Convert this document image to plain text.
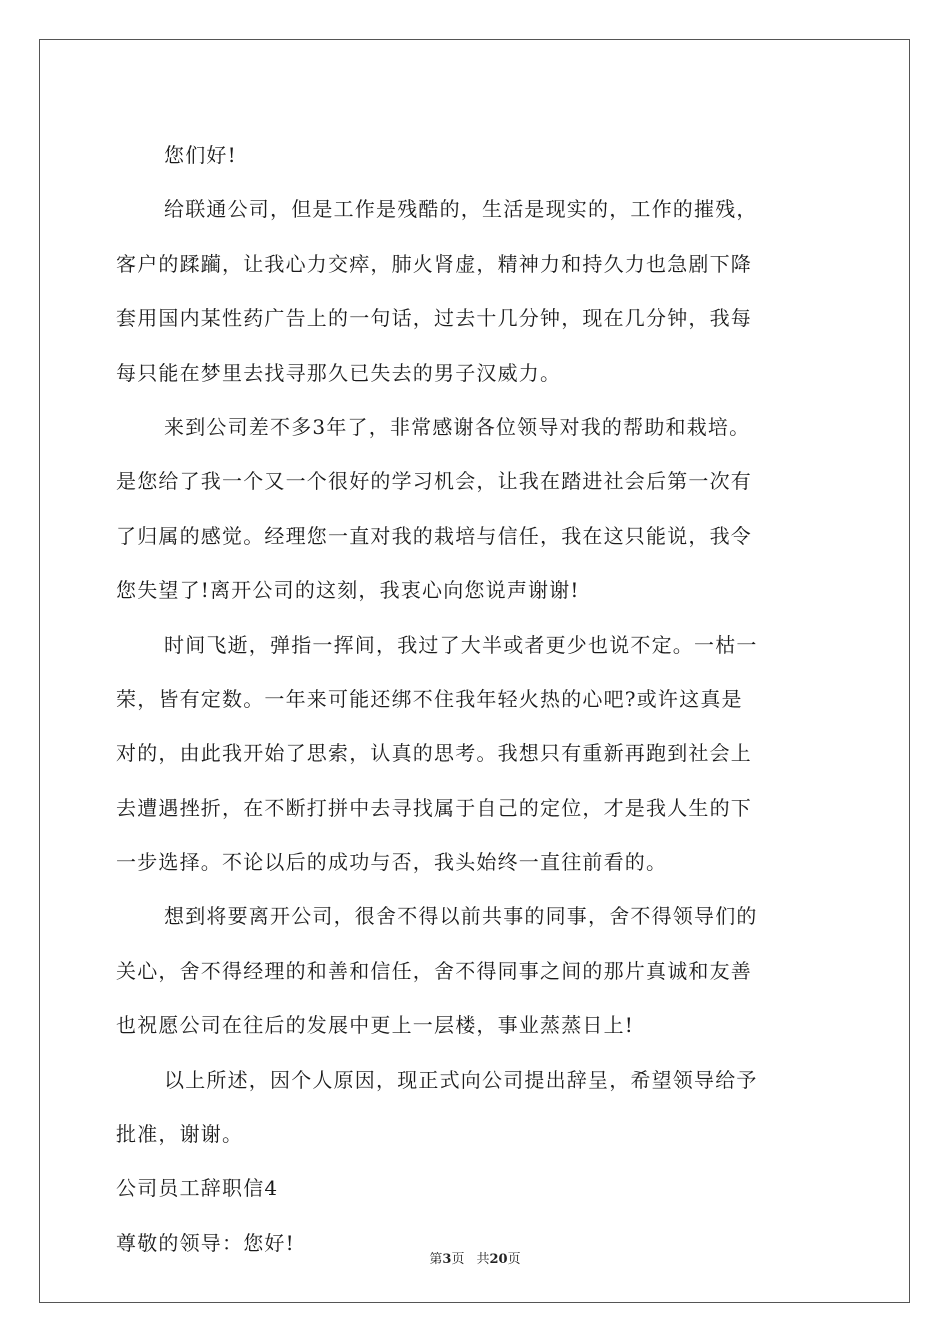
您们好!
给联通公司，但是工作是残酷的，生活是现实的，工作的摧残，
客户的蹂躏，让我心力交瘁，肺火肾虚，精神力和持久力也急剧下降
套用国内某性药广告上的一句话，过去十几分钟，现在几分钟，我每
每只能在梦里去找寻那久已失去的男子汉威力。
来到公司差不多3年了，非常感谢各位领导对我的帮助和栽培。
是您给了我一个又一个很好的学习机会，让我在踏进社会后第一次有
了归属的感觉。经理您一直对我的栽培与信任，我在这只能说，我令
您失望了!离开公司的这刻，我衷心向您说声谢谢!
时间飞逝，弹指一挥间，我过了大半或者更少也说不定。一枯一
荣，皆有定数。一年来可能还绑不住我年轻火热的心吧?或许这真是
对的，由此我开始了思索，认真的思考。我想只有重新再跑到社会上
去遭遇挫折，在不断打拼中去寻找属于自己的定位，才是我人生的下
一步选择。不论以后的成功与否，我头始终一直往前看的。
想到将要离开公司，很舍不得以前共事的同事，舍不得领导们的
关心，舍不得经理的和善和信任，舍不得同事之间的那片真诚和友善
也祝愿公司在往后的发展中更上一层楼，事业蒸蒸日上!
以上所述，因个人原因，现正式向公司提出辞呈，希望领导给予
批准，谢谢。
公司员工辞职信4
尊敬的领导：您好!
第3页 共20页
